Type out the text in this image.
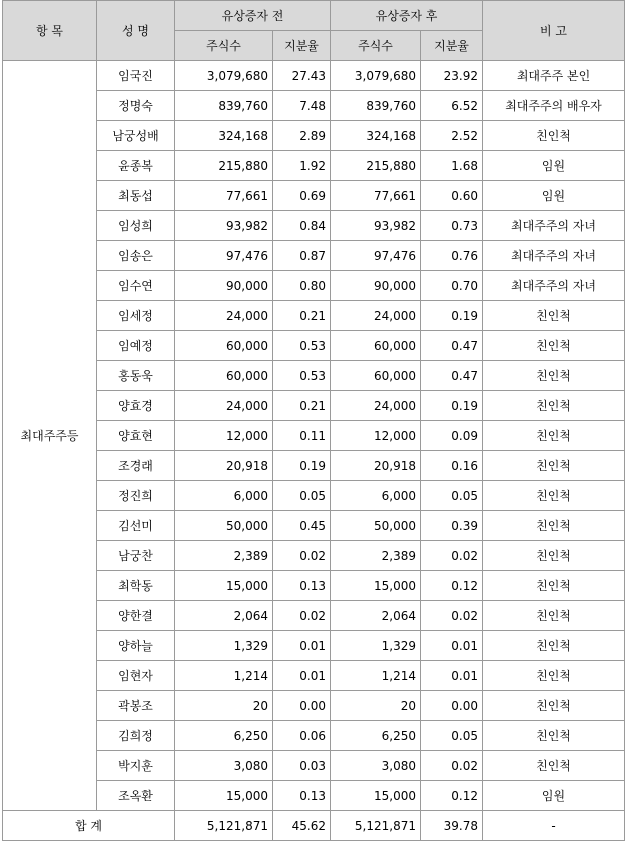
항 목	성 명	유상증자 전		유상증자 후		비 고
		주식수	지분율	주식수	지분율	
최대주주등	임국진	3,079,680	27.43	3,079,680	23.92	최대주주 본인
	정명숙	839,760	7.48	839,760	6.52	최대주주의 배우자
	남궁성배	324,168	2.89	324,168	2.52	친인척
	윤종복	215,880	1.92	215,880	1.68	임원
	최동섭	77,661	0.69	77,661	0.60	임원
	임성희	93,982	0.84	93,982	0.73	최대주주의 자녀
	임송은	97,476	0.87	97,476	0.76	최대주주의 자녀
	임수연	90,000	0.80	90,000	0.70	최대주주의 자녀
	임세정	24,000	0.21	24,000	0.19	친인척
	임예정	60,000	0.53	60,000	0.47	친인척
	홍동욱	60,000	0.53	60,000	0.47	친인척
	양효경	24,000	0.21	24,000	0.19	친인척
	양효현	12,000	0.11	12,000	0.09	친인척
	조경래	20,918	0.19	20,918	0.16	친인척
	정진희	6,000	0.05	6,000	0.05	친인척
	김선미	50,000	0.45	50,000	0.39	친인척
	남궁찬	2,389	0.02	2,389	0.02	친인척
	최학동	15,000	0.13	15,000	0.12	친인척
	양한결	2,064	0.02	2,064	0.02	친인척
	양하늘	1,329	0.01	1,329	0.01	친인척
	임현자	1,214	0.01	1,214	0.01	친인척
	곽봉조	20	0.00	20	0.00	친인척
	김희정	6,250	0.06	6,250	0.05	친인척
	박지훈	3,080	0.03	3,080	0.02	친인척
	조옥환	15,000	0.13	15,000	0.12	임원
합 계		5,121,871	45.62	5,121,871	39.78	-
